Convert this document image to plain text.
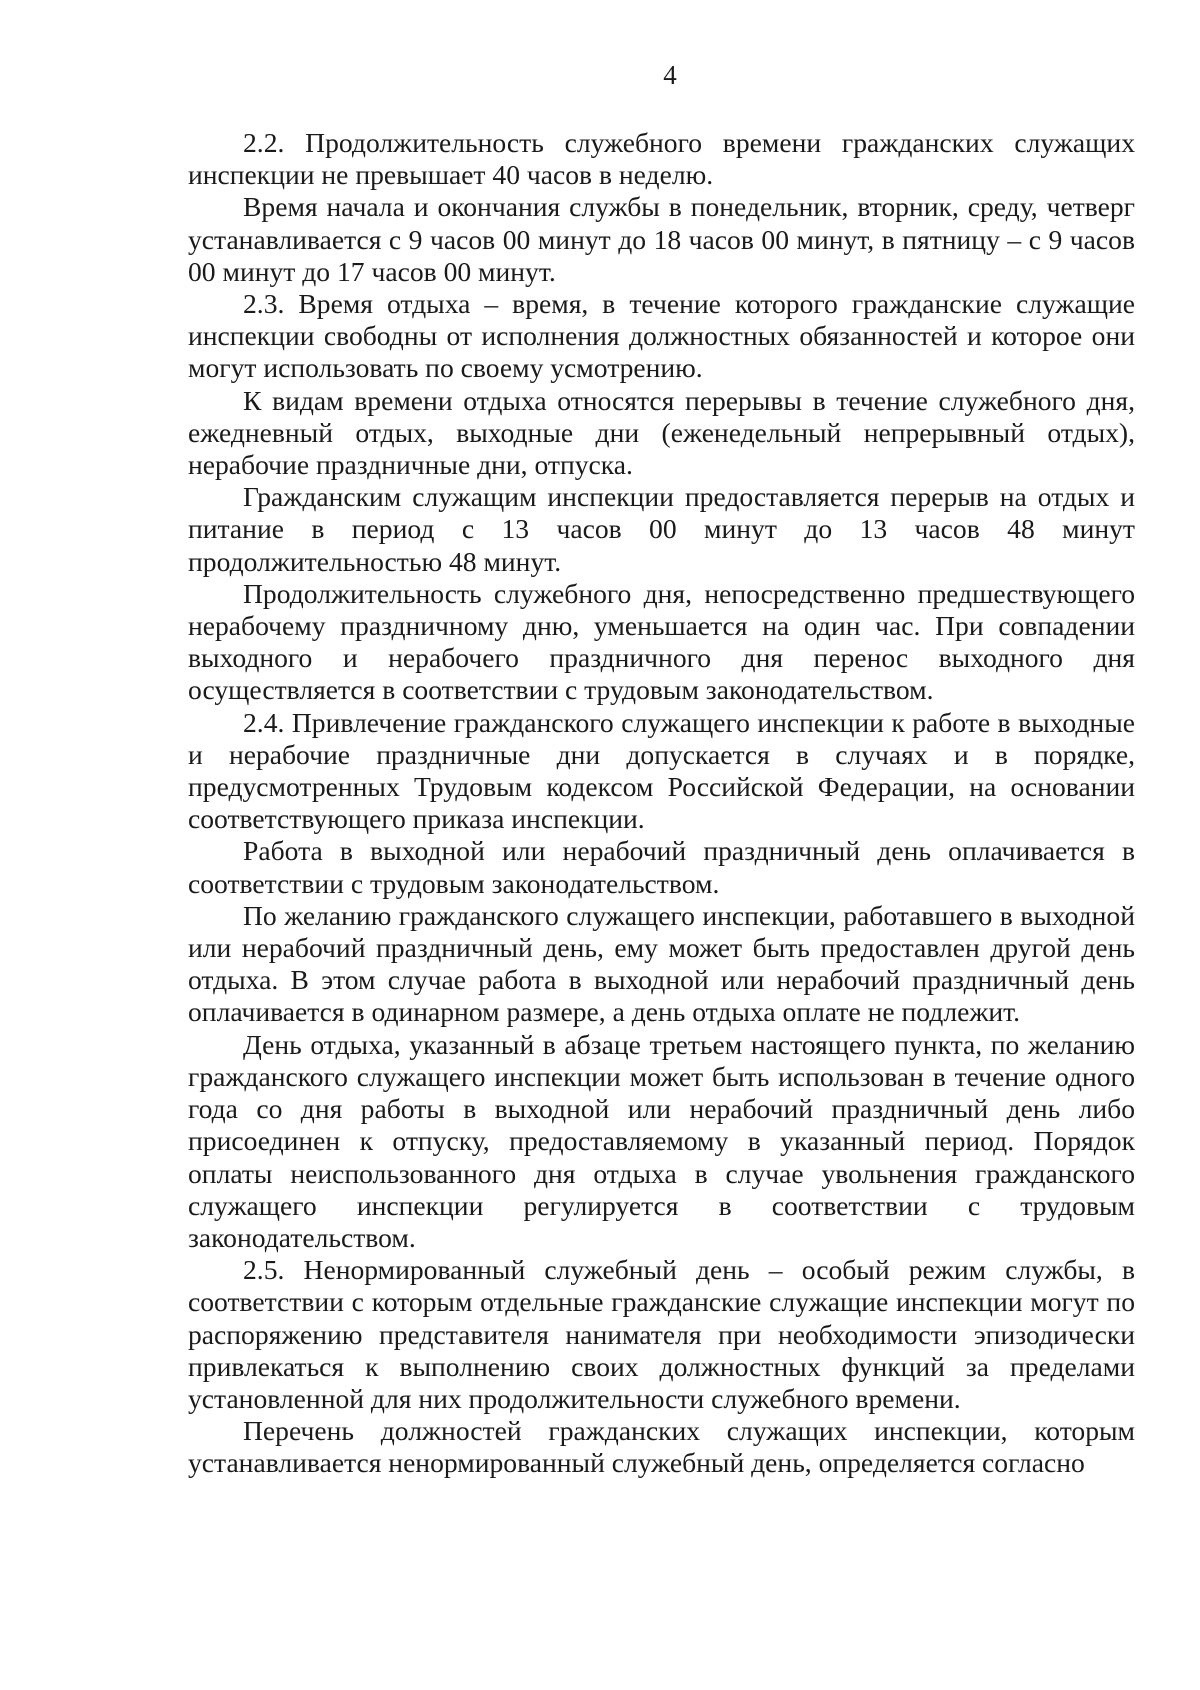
4

2.2. Продолжительность служебного времени гражданских служащих инспекции не превышает 40 часов в неделю.

Время начала и окончания службы в понедельник, вторник, среду, четверг устанавливается с 9 часов 00 минут до 18 часов 00 минут, в пятницу – с 9 часов 00 минут до 17 часов 00 минут.

2.3. Время отдыха – время, в течение которого гражданские служащие инспекции свободны от исполнения должностных обязанностей и которое они могут использовать по своему усмотрению.

К видам времени отдыха относятся перерывы в течение служебного дня, ежедневный отдых, выходные дни (еженедельный непрерывный отдых), нерабочие праздничные дни, отпуска.

Гражданским служащим инспекции предоставляется перерыв на отдых и питание в период с 13 часов 00 минут до 13 часов 48 минут продолжительностью 48 минут.

Продолжительность служебного дня, непосредственно предшествующего нерабочему праздничному дню, уменьшается на один час. При совпадении выходного и нерабочего праздничного дня перенос выходного дня осуществляется в соответствии с трудовым законодательством.

2.4. Привлечение гражданского служащего инспекции к работе в выходные и нерабочие праздничные дни допускается в случаях и в порядке, предусмотренных Трудовым кодексом Российской Федерации, на основании соответствующего приказа инспекции.

Работа в выходной или нерабочий праздничный день оплачивается в соответствии с трудовым законодательством.

По желанию гражданского служащего инспекции, работавшего в выходной или нерабочий праздничный день, ему может быть предоставлен другой день отдыха. В этом случае работа в выходной или нерабочий праздничный день оплачивается в одинарном размере, а день отдыха оплате не подлежит.

День отдыха, указанный в абзаце третьем настоящего пункта, по желанию гражданского служащего инспекции может быть использован в течение одного года со дня работы в выходной или нерабочий праздничный день либо присоединен к отпуску, предоставляемому в указанный период. Порядок оплаты неиспользованного дня отдыха в случае увольнения гражданского служащего инспекции регулируется в соответствии с трудовым законодательством.

2.5. Ненормированный служебный день – особый режим службы, в соответствии с которым отдельные гражданские служащие инспекции могут по распоряжению представителя нанимателя при необходимости эпизодически привлекаться к выполнению своих должностных функций за пределами установленной для них продолжительности служебного времени.

Перечень должностей гражданских служащих инспекции, которым устанавливается ненормированный служебный день, определяется согласно
